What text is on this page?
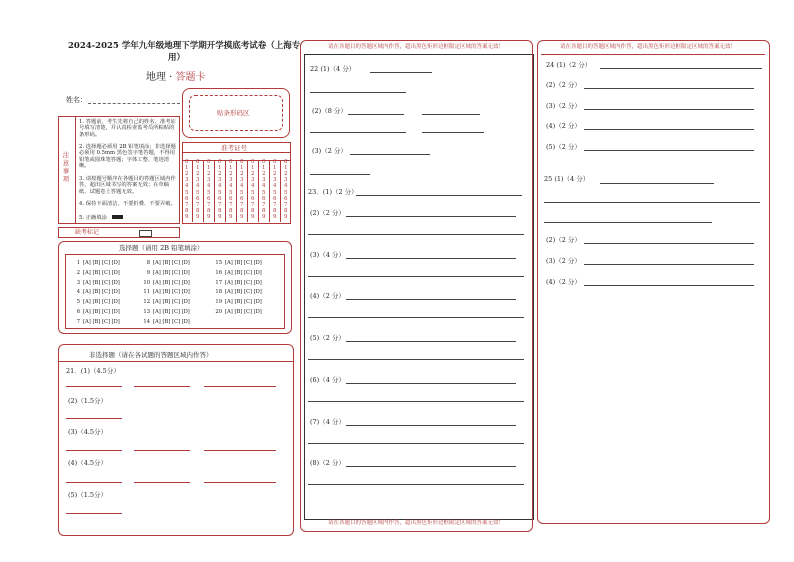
2024-2025 学年九年级地理下学期开学摸底考试卷（上海专
用）
地理 · 答题卡
姓名：
贴条形码区
注 意 事 项
1. 答题前，考生先将自己的姓名、准考证号填写清楚，并认真检查监考员所粘贴的条形码。
2. 选择题必须用 2B 铅笔填涂；非选择题必须用 0.5mm 黑色签字笔答题，不得用铅笔或圆珠笔答题；字体工整、笔迹清晰。
3. 请按题号顺序在各题目的答题区域内作答，超出区域书写的答案无效；在草稿纸、试题卷上答题无效。
4. 保持卡面清洁，不要折叠、不要弄破。
5. 正确填涂
准考证号
0
1
2
3
4
5
6
7
8
9
0
1
2
3
4
5
6
7
8
9
0
1
2
3
4
5
6
7
8
9
0
1
2
3
4
5
6
7
8
9
0
1
2
3
4
5
6
7
8
9
0
1
2
3
4
5
6
7
8
9
0
1
2
3
4
5
6
7
8
9
0
1
2
3
4
5
6
7
8
9
0
1
2
3
4
5
6
7
8
9
0
1
2
3
4
5
6
7
8
9
缺考标记
选择题（请用 2B 铅笔填涂）
1 [A] [B] [C] [D]
2 [A] [B] [C] [D]
3 [A] [B] [C] [D]
4 [A] [B] [C] [D]
5 [A] [B] [C] [D]
6 [A] [B] [C] [D]
7 [A] [B] [C] [D]
8 [A] [B] [C] [D]
9 [A] [B] [C] [D]
10 [A] [B] [C] [D]
11 [A] [B] [C] [D]
12 [A] [B] [C] [D]
13 [A] [B] [C] [D]
14 [A] [B] [C] [D]
15 [A] [B] [C] [D]
16 [A] [B] [C] [D]
17 [A] [B] [C] [D]
18 [A] [B] [C] [D]
19 [A] [B] [C] [D]
20 [A] [B] [C] [D]
非选择题（请在各试题的答题区域内作答）
21．(1)（4.5分）
(2)（1.5分）
(3)（4.5分）
(4)（4.5分）
(5)（1.5分）
请在各题目的答题区域内作答，超出黑色矩形边框限定区域的答案无效！
请在各题目的答题区域内作答，超出黑色矩形边框限定区域的答案无效！
22 (1)（4 分）
(2)（8 分）
(3)（2 分）
23．(1)（2 分）
(2)（2 分）
(3)（4 分）
(4)（2 分）
(5)（2 分）
(6)（4 分）
(7)（4 分）
(8)（2 分）
请在各题目的答题区域内作答，超出黑色矩形边框限定区域的答案无效！
24 (1)（2 分）
(2)（2 分）
(3)（2 分）
(4)（2 分）
(5)（2 分）
25 (1)（4 分）
(2)（2 分）
(3)（2 分）
(4)（2 分）
